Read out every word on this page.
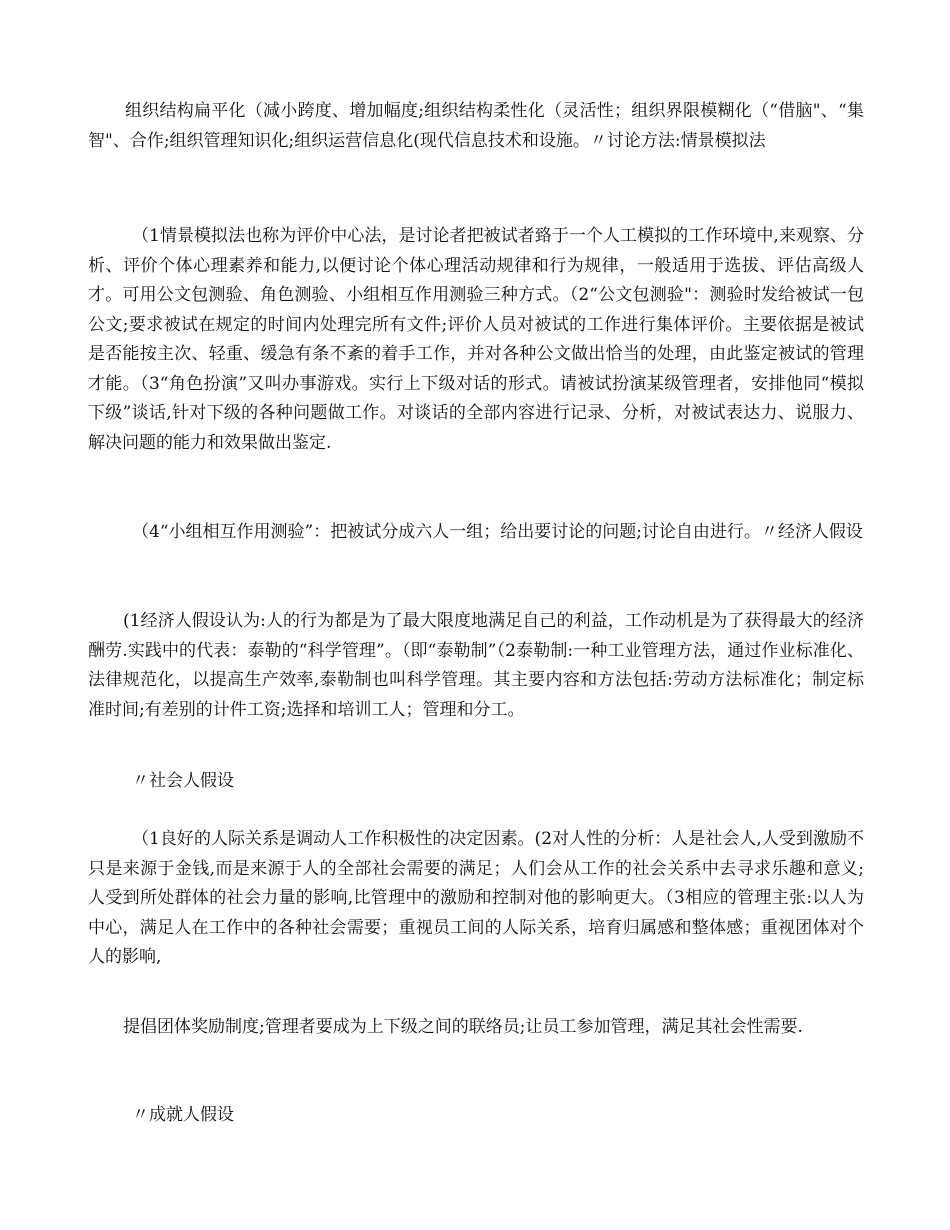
组织结构扁平化（减小跨度、增加幅度;组织结构柔性化（灵活性；组织界限模糊化（“借脑"、“集智"、合作;组织管理知识化;组织运营信息化(现代信息技术和设施。〃讨论方法:情景模拟法

（1情景模拟法也称为评价中心法，是讨论者把被试者臵于一个人工模拟的工作环境中,来观察、分析、评价个体心理素养和能力,以便讨论个体心理活动规律和行为规律，一般适用于选拔、评估高级人才。可用公文包测验、角色测验、小组相互作用测验三种方式。（2“公文包测验"：测验时发给被试一包公文;要求被试在规定的时间内处理完所有文件;评价人员对被试的工作进行集体评价。主要依据是被试是否能按主次、轻重、缓急有条不紊的着手工作，并对各种公文做出恰当的处理，由此鉴定被试的管理才能。（3“角色扮演”又叫办事游戏。实行上下级对话的形式。请被试扮演某级管理者，安排他同“模拟下级”谈话,针对下级的各种问题做工作。对谈话的全部内容进行记录、分析，对被试表达力、说服力、解决问题的能力和效果做出鉴定.

（4“小组相互作用测验”：把被试分成六人一组；给出要讨论的问题;讨论自由进行。〃经济人假设

(1经济人假设认为:人的行为都是为了最大限度地满足自己的利益，工作动机是为了获得最大的经济酬劳.实践中的代表：泰勒的“科学管理”。（即“泰勒制”（2泰勒制:一种工业管理方法，通过作业标准化、法律规范化，以提高生产效率,泰勒制也叫科学管理。其主要内容和方法包括:劳动方法标准化；制定标准时间;有差别的计件工资;选择和培训工人；管理和分工。

〃社会人假设

（1良好的人际关系是调动人工作积极性的决定因素。(2对人性的分析：人是社会人,人受到激励不只是来源于金钱,而是来源于人的全部社会需要的满足；人们会从工作的社会关系中去寻求乐趣和意义;人受到所处群体的社会力量的影响,比管理中的激励和控制对他的影响更大。（3相应的管理主张:以人为中心，满足人在工作中的各种社会需要；重视员工间的人际关系，培育归属感和整体感；重视团体对个人的影响,

提倡团体奖励制度;管理者要成为上下级之间的联络员;让员工参加管理，满足其社会性需要.

〃成就人假设
